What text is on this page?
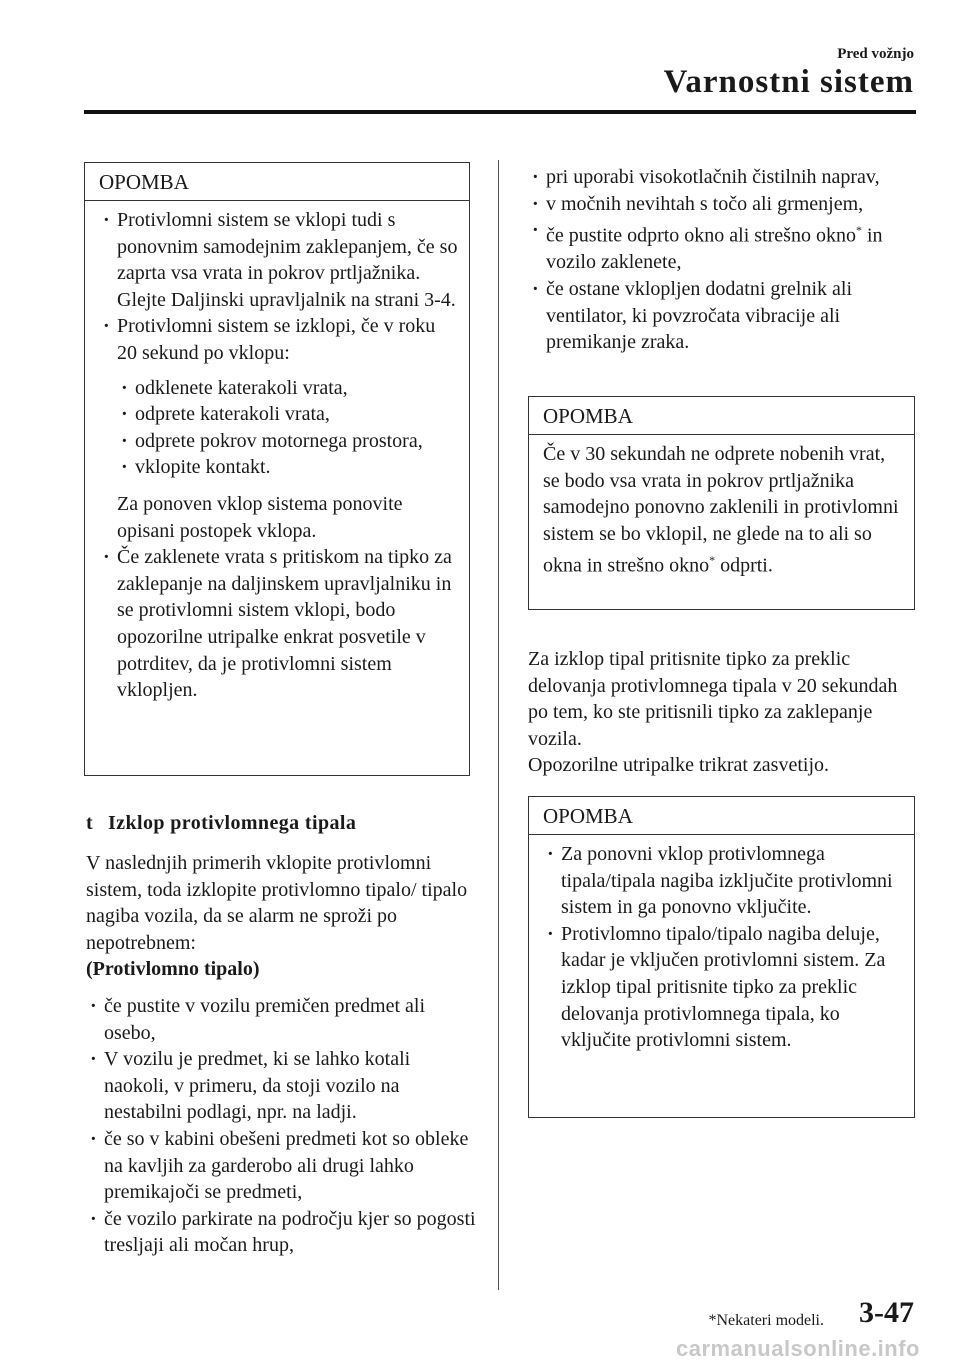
Pred vožnjo
Varnostni sistem
OPOMBA
· Protivlomni sistem se vklopi tudi s ponovnim samodejnim zaklepanjem, če so zaprta vsa vrata in pokrov prtljažnika. Glejte Daljinski upravljalnik na strani 3-4.
· Protivlomni sistem se izklopi, če v roku 20 sekund po vklopu:
· odklenete katerakoli vrata,
· odprete katerakoli vrata,
· odprete pokrov motornega prostora,
· vklopite kontakt.
Za ponoven vklop sistema ponovite opisani postopek vklopa.
· Če zaklenete vrata s pritiskom na tipko za zaklepanje na daljinskem upravljalniku in se protivlomni sistem vklopi, bodo opozorilne utripalke enkrat posvetile v potrditev, da je protivlomni sistem vklopljen.
t Izklop protivlomnega tipala
V naslednjih primerih vklopite protivlomni sistem, toda izklopite protivlomno tipalo/ tipalo nagiba vozila, da se alarm ne sproži po nepotrebnem:
(Protivlomno tipalo)
· če pustite v vozilu premičen predmet ali osebo,
· V vozilu je predmet, ki se lahko kotali naokoli, v primeru, da stoji vozilo na nestabilni podlagi, npr. na ladji.
· če so v kabini obešeni predmeti kot so obleke na kavljih za garderobo ali drugi lahko premikajoči se predmeti,
· če vozilo parkirate na področju kjer so pogosti tresljaji ali močan hrup,
· pri uporabi visokotlačnih čistilnih naprav,
· v močnih nevihtah s točo ali grmenjem,
· če pustite odprto okno ali strešno okno* in vozilo zaklenete,
· če ostane vklopljen dodatni grelnik ali ventilator, ki povzročata vibracije ali premikanje zraka.
OPOMBA
Če v 30 sekundah ne odprete nobenih vrat, se bodo vsa vrata in pokrov prtljažnika samodejno ponovno zaklenili in protivlomni sistem se bo vklopil, ne glede na to ali so okna in strešno okno* odprti.
Za izklop tipal pritisnite tipko za preklic delovanja protivlomnega tipala v 20 sekundah po tem, ko ste pritisnili tipko za zaklepanje vozila.
Opozorilne utripalke trikrat zasvetijo.
OPOMBA
· Za ponovni vklop protivlomnega tipala/tipala nagiba izključite protivlomni sistem in ga ponovno vključite.
· Protivlomno tipalo/tipalo nagiba deluje, kadar je vključen protivlomni sistem. Za izklop tipal pritisnite tipko za preklic delovanja protivlomnega tipala, ko vključite protivlomni sistem.
*Nekateri modeli. 3-47
carmanualsonline.info
